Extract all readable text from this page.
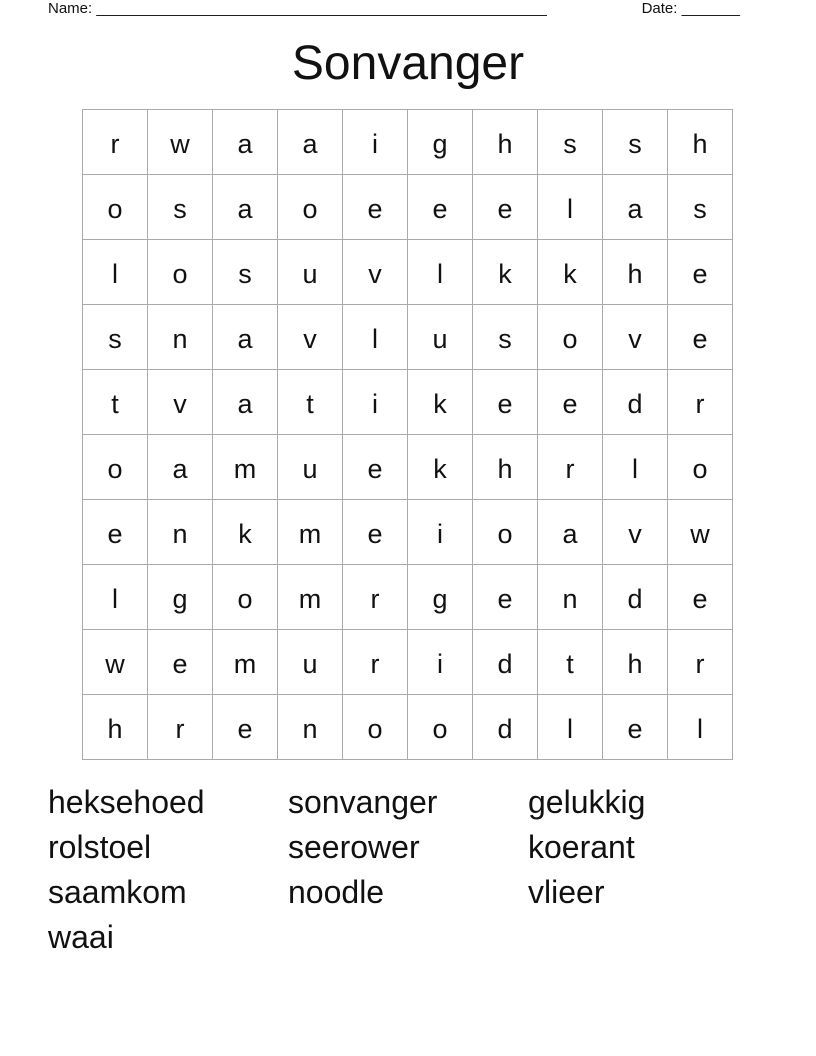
Name: ______________________________________________________	Date: _______
Sonvanger
r	w	a	a	i	g	h	s	s	h
o	s	a	o	e	e	e	l	a	s
l	o	s	u	v	l	k	k	h	e
s	n	a	v	l	u	s	o	v	e
t	v	a	t	i	k	e	e	d	r
o	a	m	u	e	k	h	r	l	o
e	n	k	m	e	i	o	a	v	w
l	g	o	m	r	g	e	n	d	e
w	e	m	u	r	i	d	t	h	r
h	r	e	n	o	o	d	l	e	l
heksehoed	sonvanger	gelukkig
rolstoel	seerower	koerant
saamkom	noodle	vlieer
waai
